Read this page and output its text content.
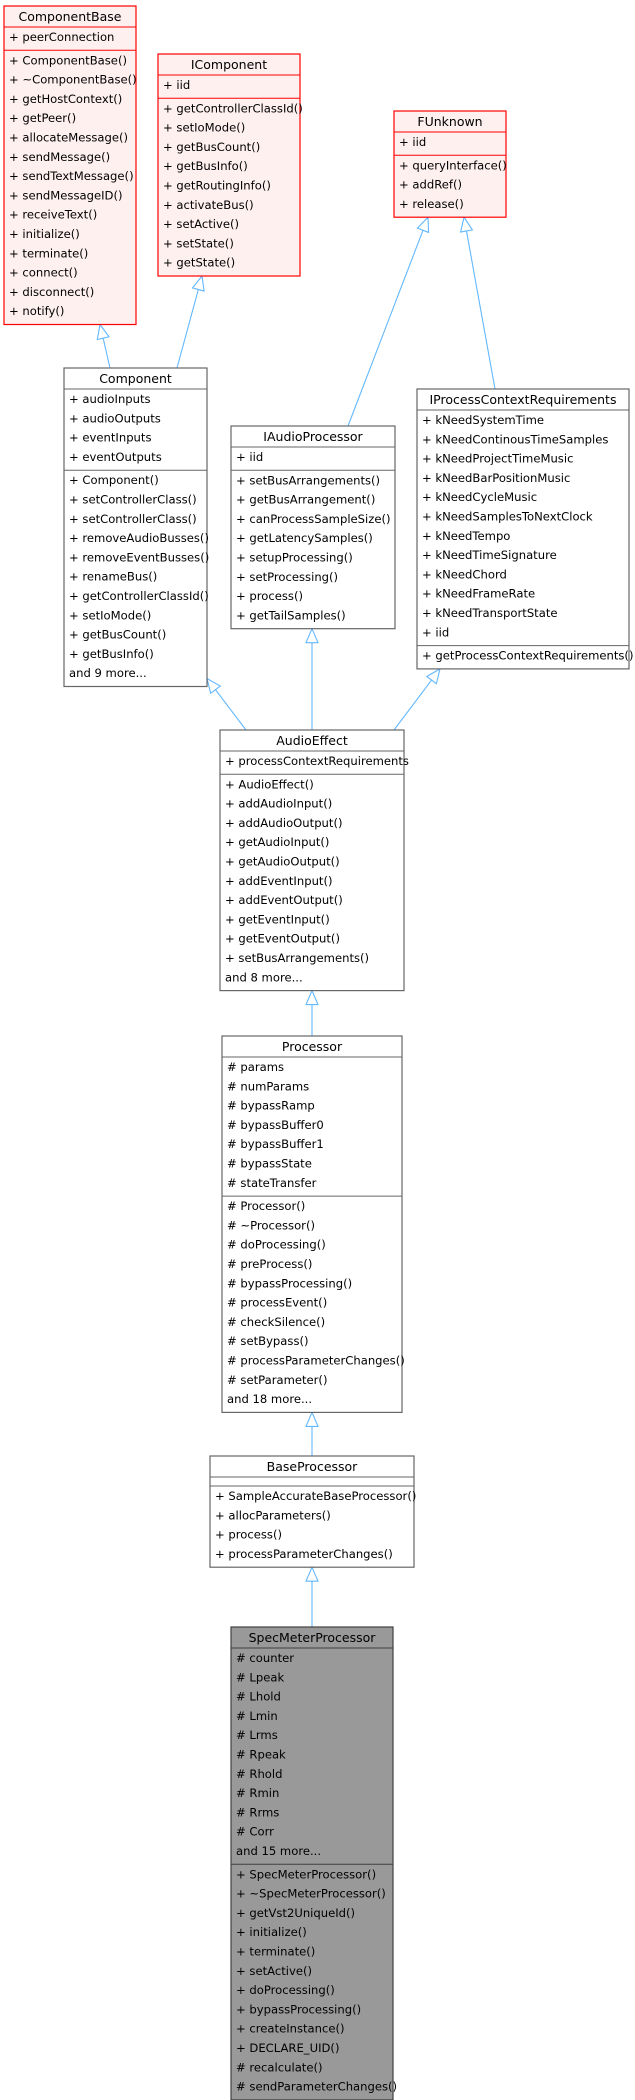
ComponentBase
+ peerConnection
+ ComponentBase()
+ ~ComponentBase()
+ getHostContext()
+ getPeer()
+ allocateMessage()
+ sendMessage()
+ sendTextMessage()
+ sendMessageID()
+ receiveText()
+ initialize()
+ terminate()
+ connect()
+ disconnect()
+ notify()
IComponent
+ iid
+ getControllerClassId()
+ setIoMode()
+ getBusCount()
+ getBusInfo()
+ getRoutingInfo()
+ activateBus()
+ setActive()
+ setState()
+ getState()
FUnknown
+ iid
+ queryInterface()
+ addRef()
+ release()
Component
+ audioInputs
+ audioOutputs
+ eventInputs
+ eventOutputs
+ Component()
+ setControllerClass()
+ setControllerClass()
+ removeAudioBusses()
+ removeEventBusses()
+ renameBus()
+ getControllerClassId()
+ setIoMode()
+ getBusCount()
+ getBusInfo()
and 9 more...
IAudioProcessor
+ iid
+ setBusArrangements()
+ getBusArrangement()
+ canProcessSampleSize()
+ getLatencySamples()
+ setupProcessing()
+ setProcessing()
+ process()
+ getTailSamples()
IProcessContextRequirements
+ kNeedSystemTime
+ kNeedContinousTimeSamples
+ kNeedProjectTimeMusic
+ kNeedBarPositionMusic
+ kNeedCycleMusic
+ kNeedSamplesToNextClock
+ kNeedTempo
+ kNeedTimeSignature
+ kNeedChord
+ kNeedFrameRate
+ kNeedTransportState
+ iid
+ getProcessContextRequirements()
AudioEffect
+ processContextRequirements
+ AudioEffect()
+ addAudioInput()
+ addAudioOutput()
+ getAudioInput()
+ getAudioOutput()
+ addEventInput()
+ addEventOutput()
+ getEventInput()
+ getEventOutput()
+ setBusArrangements()
and 8 more...
Processor
# params
# numParams
# bypassRamp
# bypassBuffer0
# bypassBuffer1
# bypassState
# stateTransfer
# Processor()
# ~Processor()
# doProcessing()
# preProcess()
# bypassProcessing()
# processEvent()
# checkSilence()
# setBypass()
# processParameterChanges()
# setParameter()
and 18 more...
BaseProcessor
+ SampleAccurateBaseProcessor()
+ allocParameters()
+ process()
+ processParameterChanges()
SpecMeterProcessor
# counter
# Lpeak
# Lhold
# Lmin
# Lrms
# Rpeak
# Rhold
# Rmin
# Rrms
# Corr
and 15 more...
+ SpecMeterProcessor()
+ ~SpecMeterProcessor()
+ getVst2UniqueId()
+ initialize()
+ terminate()
+ setActive()
+ doProcessing()
+ bypassProcessing()
+ createInstance()
+ DECLARE_UID()
# recalculate()
# sendParameterChanges()
